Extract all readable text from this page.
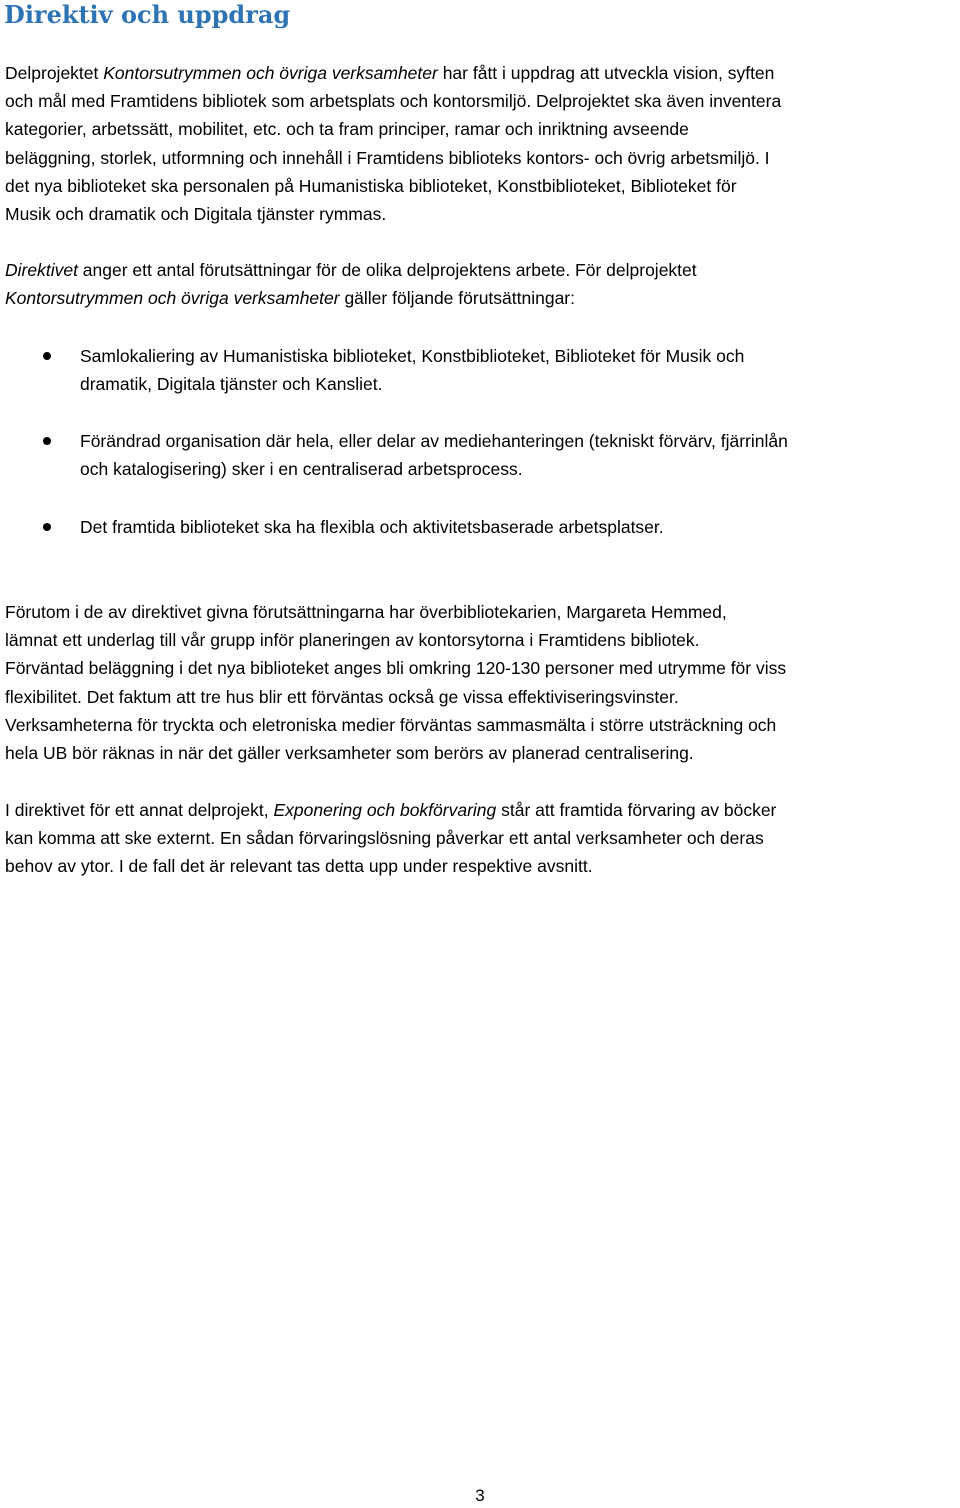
Direktiv och uppdrag
Delprojektet Kontorsutrymmen och övriga verksamheter har fått i uppdrag att utveckla vision, syften
och mål med Framtidens bibliotek som arbetsplats och kontorsmiljö. Delprojektet ska även inventera
kategorier, arbetssätt, mobilitet, etc. och ta fram principer, ramar och inriktning avseende
beläggning, storlek, utformning och innehåll i Framtidens biblioteks kontors- och övrig arbetsmiljö. I
det nya biblioteket ska personalen på Humanistiska biblioteket, Konstbiblioteket, Biblioteket för
Musik och dramatik och Digitala tjänster rymmas.
Direktivet anger ett antal förutsättningar för de olika delprojektens arbete. För delprojektet
Kontorsutrymmen och övriga verksamheter gäller följande förutsättningar:

Samlokaliering av Humanistiska biblioteket, Konstbiblioteket, Biblioteket för Musik och
dramatik, Digitala tjänster och Kansliet.

Förändrad organisation där hela, eller delar av mediehanteringen (tekniskt förvärv, fjärrinlån
och katalogisering) sker i en centraliserad arbetsprocess.

Det framtida biblioteket ska ha flexibla och aktivitetsbaserade arbetsplatser.

Förutom i de av direktivet givna förutsättningarna har överbibliotekarien, Margareta Hemmed,
lämnat ett underlag till vår grupp inför planeringen av kontorsytorna i Framtidens bibliotek.
Förväntad beläggning i det nya biblioteket anges bli omkring 120-130 personer med utrymme för viss
flexibilitet. Det faktum att tre hus blir ett förväntas också ge vissa effektiviseringsvinster.
Verksamheterna för tryckta och eletroniska medier förväntas sammasmälta i större utsträckning och
hela UB bör räknas in när det gäller verksamheter som berörs av planerad centralisering.
I direktivet för ett annat delprojekt, Exponering och bokförvaring står att framtida förvaring av böcker
kan komma att ske externt. En sådan förvaringslösning påverkar ett antal verksamheter och deras
behov av ytor. I de fall det är relevant tas detta upp under respektive avsnitt.
3
